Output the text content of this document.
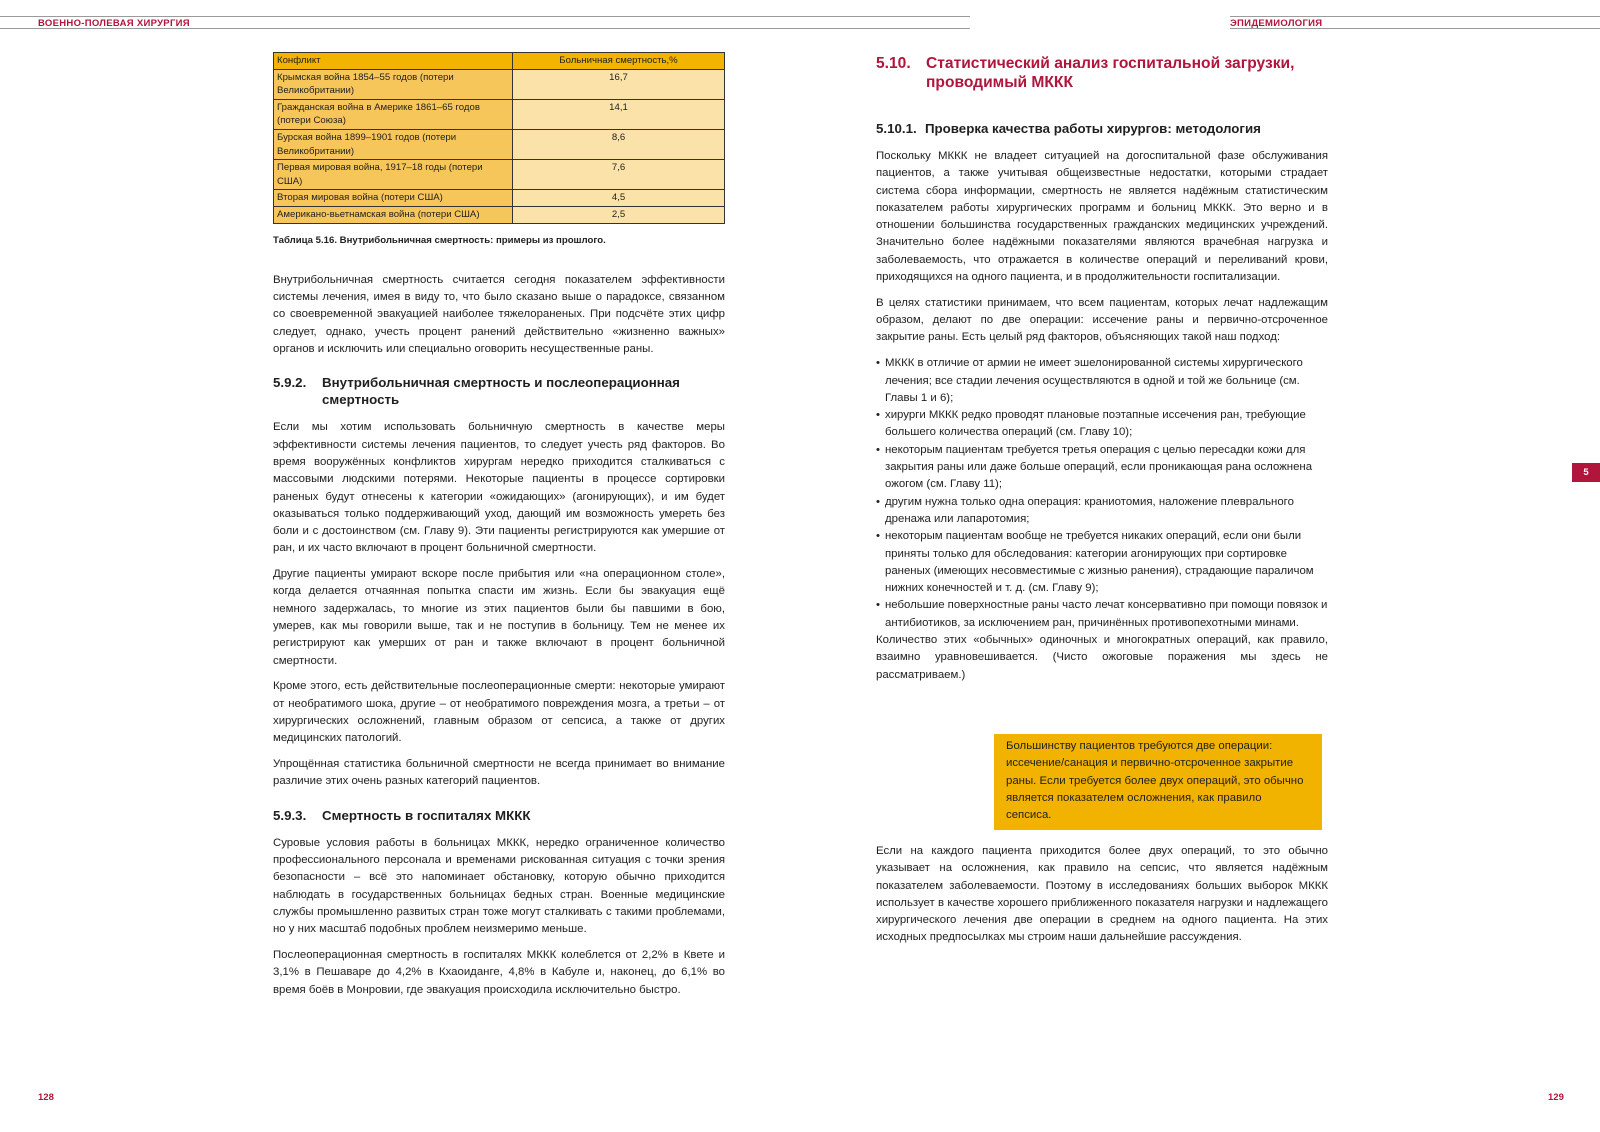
ВОЕННО-ПОЛЕВАЯ ХИРУРГИЯ	ЭПИДЕМИОЛОГИЯ
5
Конфликт	Больничная смертность,%
Крымская война 1854–55 годов (потери Великобритании)	16,7
Гражданская война в Америке 1861–65 годов (потери Союза)	14,1
Бурская война 1899–1901 годов (потери Великобритании)	8,6
Первая мировая война, 1917–18 годы (потери США)	7,6
Вторая мировая война (потери США)	4,5
Американо-вьетнамская война (потери США)	2,5
Таблица 5.16. Внутрибольничная смертность: примеры из прошлого.

Внутрибольничная смертность считается сегодня показателем эффективности системы лечения, имея в виду то, что было сказано выше о парадоксе, связанном со своевременной эвакуацией наиболее тяжелораненых. При подсчёте этих цифр следует, однако, учесть процент ранений действительно «жизненно важных» органов и исключить или специально оговорить несущественные раны.

5.9.2.	Внутрибольничная смертность и послеоперационная смертность

Если мы хотим использовать больничную смертность в качестве меры эффективности системы лечения пациентов, то следует учесть ряд факторов. Во время вооружённых конфликтов хирургам нередко приходится сталкиваться с массовыми людскими потерями. Некоторые пациенты в процессе сортировки раненых будут отнесены к категории «ожидающих» (агонирующих), и им будет оказываться только поддерживающий уход, дающий им возможность умереть без боли и с достоинством (см. Главу 9). Эти пациенты регистрируются как умершие от ран, и их часто включают в процент больничной смертности.

Другие пациенты умирают вскоре после прибытия или «на операционном столе», когда делается отчаянная попытка спасти им жизнь. Если бы эвакуация ещё немного задержалась, то многие из этих пациентов были бы павшими в бою, умерев, как мы говорили выше, так и не поступив в больницу. Тем не менее их регистрируют как умерших от ран и также включают в процент больничной смертности.

Кроме этого, есть действительные послеоперационные смерти: некоторые умирают от необратимого шока, другие – от необратимого повреждения мозга, а третьи – от хирургических осложнений, главным образом от сепсиса, а также от других медицинских патологий.

Упрощённая статистика больничной смертности не всегда принимает во внимание различие этих очень разных категорий пациентов.

5.9.3.	Смертность в госпиталях МККК

Суровые условия работы в больницах МККК, нередко ограниченное количество профессионального персонала и временами рискованная ситуация с точки зрения безопасности – всё это напоминает обстановку, которую обычно приходится наблюдать в государственных больницах бедных стран. Военные медицинские службы промышленно развитых стран тоже могут сталкивать с такими проблемами, но у них масштаб подобных проблем неизмеримо меньше.

Послеоперационная смертность в госпиталях МККК колеблется от 2,2% в Квете и 3,1% в Пешаваре до 4,2% в Кхаоиданге, 4,8% в Кабуле и, наконец, до 6,1% во время боёв в Монровии, где эвакуация происходила исключительно быстро.

128
5.10. Статистический анализ госпитальной загрузки, проводимый МККК
5.10.1. Проверка качества работы хирургов: методология

Поскольку МККК не владеет ситуацией на догоспитальной фазе обслуживания пациентов, а также учитывая общеизвестные недостатки, которыми страдает система сбора информации, смертность не является надёжным статистическим показателем работы хирургических программ и больниц МККК. Это верно и в отношении большинства государственных гражданских медицинских учреждений. Значительно более надёжными показателями являются врачебная нагрузка и заболеваемость, что отражается в количестве операций и переливаний крови, приходящихся на одного пациента, и в продолжительности госпитализации.

В целях статистики принимаем, что всем пациентам, которых лечат надлежащим образом, делают по две операции: иссечение раны и первично-отсроченное закрытие раны. Есть целый ряд факторов, объясняющих такой наш подход:

• МККК в отличие от армии не имеет эшелонированной системы хирургического лечения; все стадии лечения осуществляются в одной и той же больнице (см. Главы 1 и 6);
• хирурги МККК редко проводят плановые поэтапные иссечения ран, требующие большего количества операций (см. Главу 10);
• некоторым пациентам требуется третья операция с целью пересадки кожи для закрытия раны или даже больше операций, если проникающая рана осложнена ожогом (см. Главу 11);
• другим нужна только одна операция: краниотомия, наложение плеврального дренажа или лапаротомия;
• некоторым пациентам вообще не требуется никаких операций, если они были приняты только для обследования: категории агонирующих при сортировке раненых (имеющих несовместимые с жизнью ранения), страдающие параличом нижних конечностей и т. д. (см. Главу 9);
• небольшие поверхностные раны часто лечат консервативно при помощи повязок и антибиотиков, за исключением ран, причинённых противопехотными минами.

Количество этих «обычных» одиночных и многократных операций, как правило, взаимно уравновешивается. (Чисто ожоговые поражения мы здесь не рассматриваем.)

Большинству пациентов требуются две операции: иссечение/санация и первично-отсроченное закрытие раны. Если требуется более двух операций, это обычно является показателем осложнения, как правило сепсиса.

Если на каждого пациента приходится более двух операций, то это обычно указывает на осложнения, как правило на сепсис, что является надёжным показателем заболеваемости. Поэтому в исследованиях больших выборок МККК использует в качестве хорошего приближенного показателя нагрузки и надлежащего хирургического лечения две операции в среднем на одного пациента. На этих исходных предпосылках мы строим наши дальнейшие рассуждения.

129
